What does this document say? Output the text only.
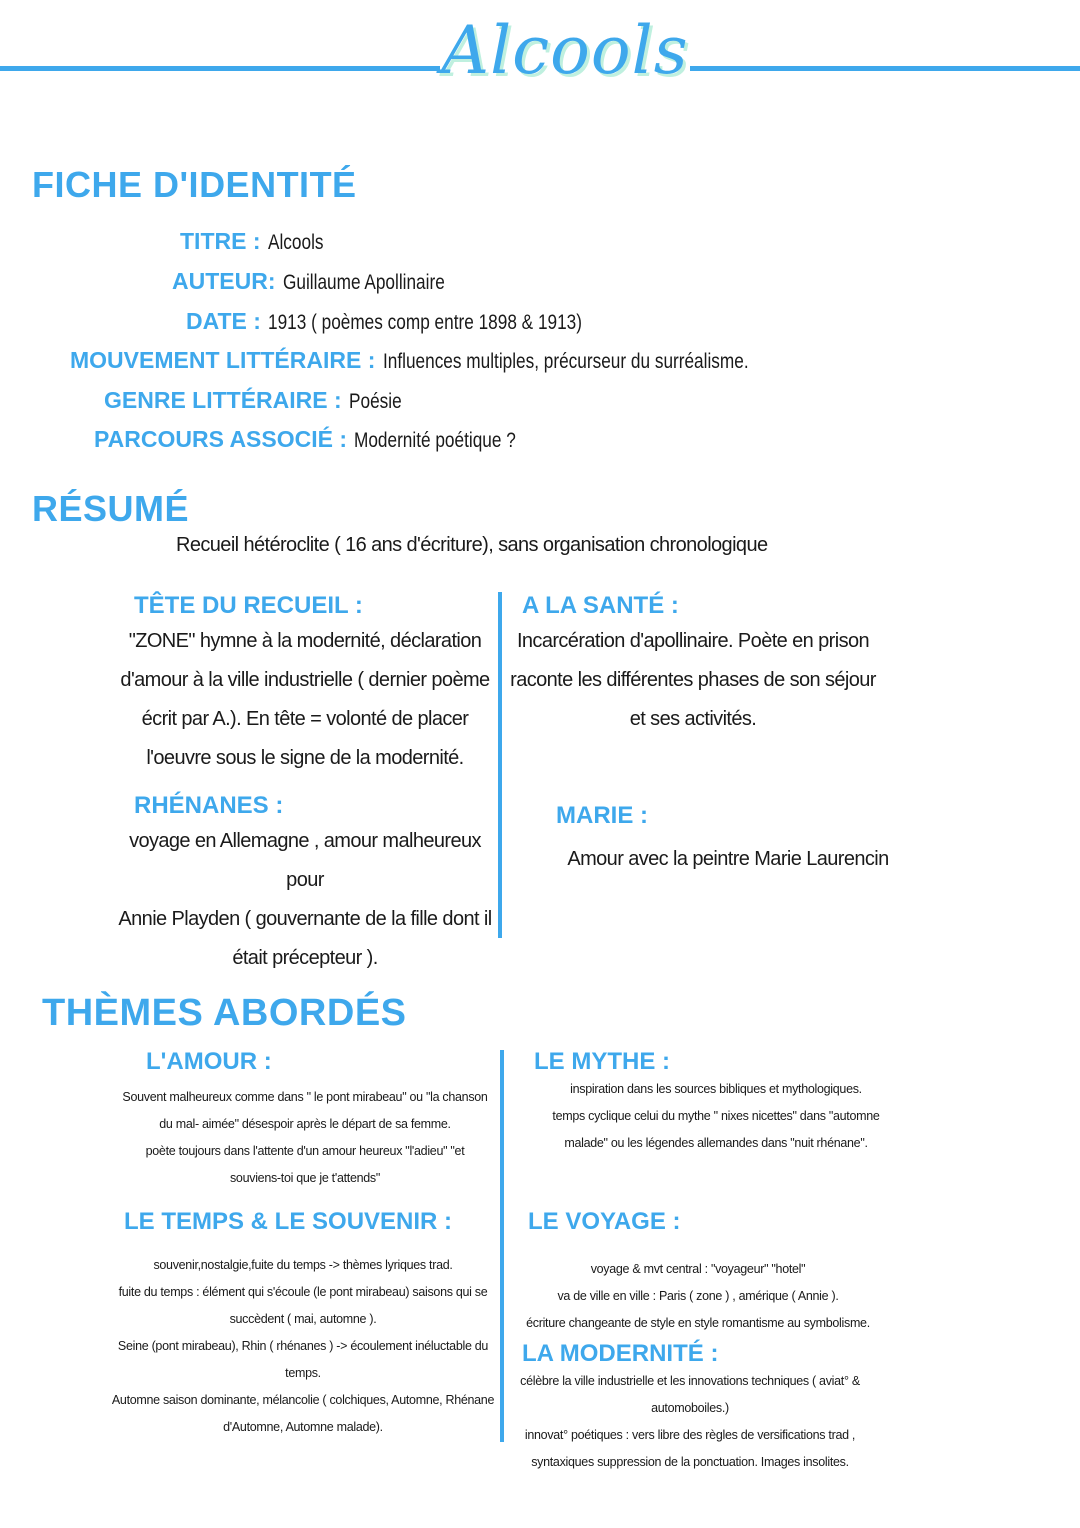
Alcools
FICHE D'IDENTITÉ
TITRE : Alcools
AUTEUR: Guillaume Apollinaire
DATE : 1913 ( poèmes comp entre 1898 & 1913)
MOUVEMENT LITTÉRAIRE : Influences multiples, précurseur du surréalisme.
GENRE LITTÉRAIRE : Poésie
PARCOURS ASSOCIÉ : Modernité poétique ?
RÉSUMÉ
Recueil hétéroclite ( 16 ans d'écriture), sans organisation chronologique
TÊTE DU RECUEIL :
"ZONE" hymne à la modernité, déclaration
d'amour à la ville industrielle ( dernier poème
écrit par A.). En tête = volonté de placer
l'oeuvre sous le signe de la modernité.
A LA SANTÉ :
Incarcération d'apollinaire. Poète en prison
raconte les différentes phases de son séjour
et ses activités.
RHÉNANES :
voyage en Allemagne , amour malheureux pour
Annie Playden ( gouvernante de la fille dont il
était précepteur ).
MARIE :
Amour avec la peintre Marie Laurencin
THÈMES ABORDÉS
L'AMOUR :
Souvent malheureux comme dans " le pont mirabeau" ou "la chanson
du mal- aimée" désespoir après le départ de sa femme.
poète toujours dans l'attente d'un amour heureux "l'adieu" "et
souviens-toi que je t'attends"
LE MYTHE :
inspiration dans les sources bibliques et mythologiques.
temps cyclique celui du mythe " nixes nicettes" dans "automne
malade" ou les légendes allemandes dans "nuit rhénane".
LE TEMPS & LE SOUVENIR :
souvenir,nostalgie,fuite du temps -> thèmes lyriques trad.
fuite du temps : élément qui s'écoule (le pont mirabeau) saisons qui se
succèdent ( mai, automne ).
Seine (pont mirabeau), Rhin ( rhénanes ) -> écoulement inéluctable du
temps.
Automne saison dominante, mélancolie ( colchiques, Automne, Rhénane
d'Automne, Automne malade).
LE VOYAGE :
voyage & mvt central : "voyageur" "hotel"
va de ville en ville : Paris ( zone ) , amérique ( Annie ).
écriture changeante de style en style romantisme au symbolisme.
LA MODERNITÉ :
célèbre la ville industrielle et les innovations techniques ( aviat° &
automoboiles.)
innovat° poétiques : vers libre des règles de versifications trad ,
syntaxiques suppression de la ponctuation. Images insolites.
